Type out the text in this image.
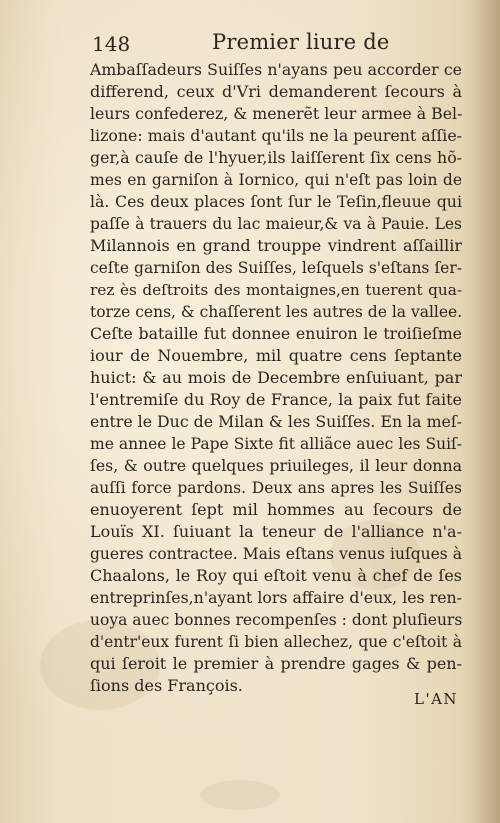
148	Premier liure de
Ambaſſadeurs Suiſſes n'ayans peu accorder ce
differend, ceux d'Vri demanderent ſecours à
leurs confederez, & menerẽt leur armee à Bel-
lizone: mais d'autant qu'ils ne la peurent aſſie-
ger,à cauſe de l'hyuer,ils laiſſerent ſix cens hõ-
mes en garniſon à Iornico, qui n'eſt pas loin de
là. Ces deux places ſont ſur le Teſin,fleuue qui
paſſe à trauers du lac maieur,& va à Pauie. Les
Milannois en grand trouppe vindrent aſſaillir
ceſte garniſon des Suiſſes, leſquels s'eſtans ſer-
rez ès deſtroits des montaignes,en tuerent qua-
torze cens, & chaſſerent les autres de la vallee.
Ceſte bataille fut donnee enuiron le troiſieſme
iour de Nouembre, mil quatre cens ſeptante
huict: & au mois de Decembre enſuiuant, par
l'entremiſe du Roy de France, la paix fut faite
entre le Duc de Milan & les Suiſſes. En la meſ-
me annee le Pape Sixte fit alliãce auec les Suiſ-
ſes, & outre quelques priuileges, il leur donna
auſſi force pardons. Deux ans apres les Suiſſes
enuoyerent ſept mil hommes au ſecours de
Louïs XI. ſuiuant la teneur de l'alliance n'a-
gueres contractee. Mais eſtans venus iuſques à
Chaalons, le Roy qui eſtoit venu à chef de ſes
entreprinſes,n'ayant lors affaire d'eux, les ren-
uoya auec bonnes recompenſes : dont pluſieurs
d'entr'eux furent ſi bien allechez, que c'eſtoit à
qui ſeroit le premier à prendre gages & pen-
ſions des François.
L'AN
